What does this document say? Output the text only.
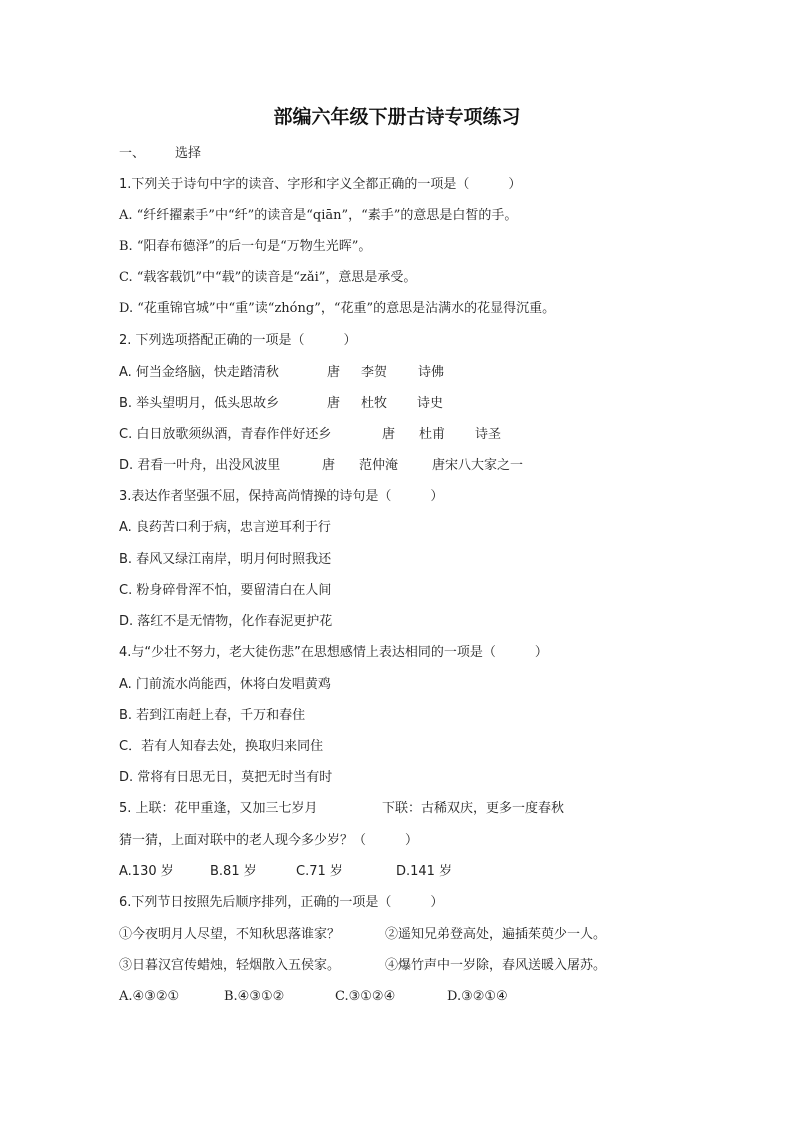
部编六年级下册古诗专项练习
一、 选择
1.下列关于诗句中字的读音、字形和字义全都正确的一项是（　　　）
A. “纤纤擢素手”中“纤”的读音是“qiān”，“素手”的意思是白皙的手。
B. “阳春布德泽”的后一句是“万物生光晖”。
C. “载客载饥”中“载”的读音是“zǎi”，意思是承受。
D. “花重锦官城”中“重”读“zhóng”，“花重”的意思是沾满水的花显得沉重。
2. 下列选项搭配正确的一项是（　　　）
A. 何当金络脑，快走踏清秋	唐 李贺 诗佛
B. 举头望明月，低头思故乡	唐 杜牧 诗史
C. 白日放歌须纵酒，青春作伴好还乡	唐 杜甫 诗圣
D. 君看一叶舟，出没风波里	唐 范仲淹	唐宋八大家之一
3.表达作者坚强不屈，保持高尚情操的诗句是（　　　）
A. 良药苦口利于病，忠言逆耳利于行
B. 春风又绿江南岸，明月何时照我还
C. 粉身碎骨浑不怕，要留清白在人间
D. 落红不是无情物，化作春泥更护花
4.与“少壮不努力，老大徒伤悲”在思想感情上表达相同的一项是（　　　）
A. 门前流水尚能西，休将白发唱黄鸡
B. 若到江南赶上春，千万和春住
C．若有人知春去处，换取归来同住
D. 常将有日思无日，莫把无时当有时
5. 上联：花甲重逢，又加三七岁月	下联：古稀双庆，更多一度春秋
猜一猜，上面对联中的老人现今多少岁？（　　　）
A.130 岁	B.81 岁	C.71 岁	D.141 岁
6.下列节日按照先后顺序排列，正确的一项是（　　　）
①今夜明月人尽望，不知秋思落谁家？	②遥知兄弟登高处，遍插茱萸少一人。
③日暮汉宫传蜡烛，轻烟散入五侯家。	④爆竹声中一岁除，春风送暖入屠苏。
A.④③②①	B.④③①②	C.③①②④	D.③②①④
